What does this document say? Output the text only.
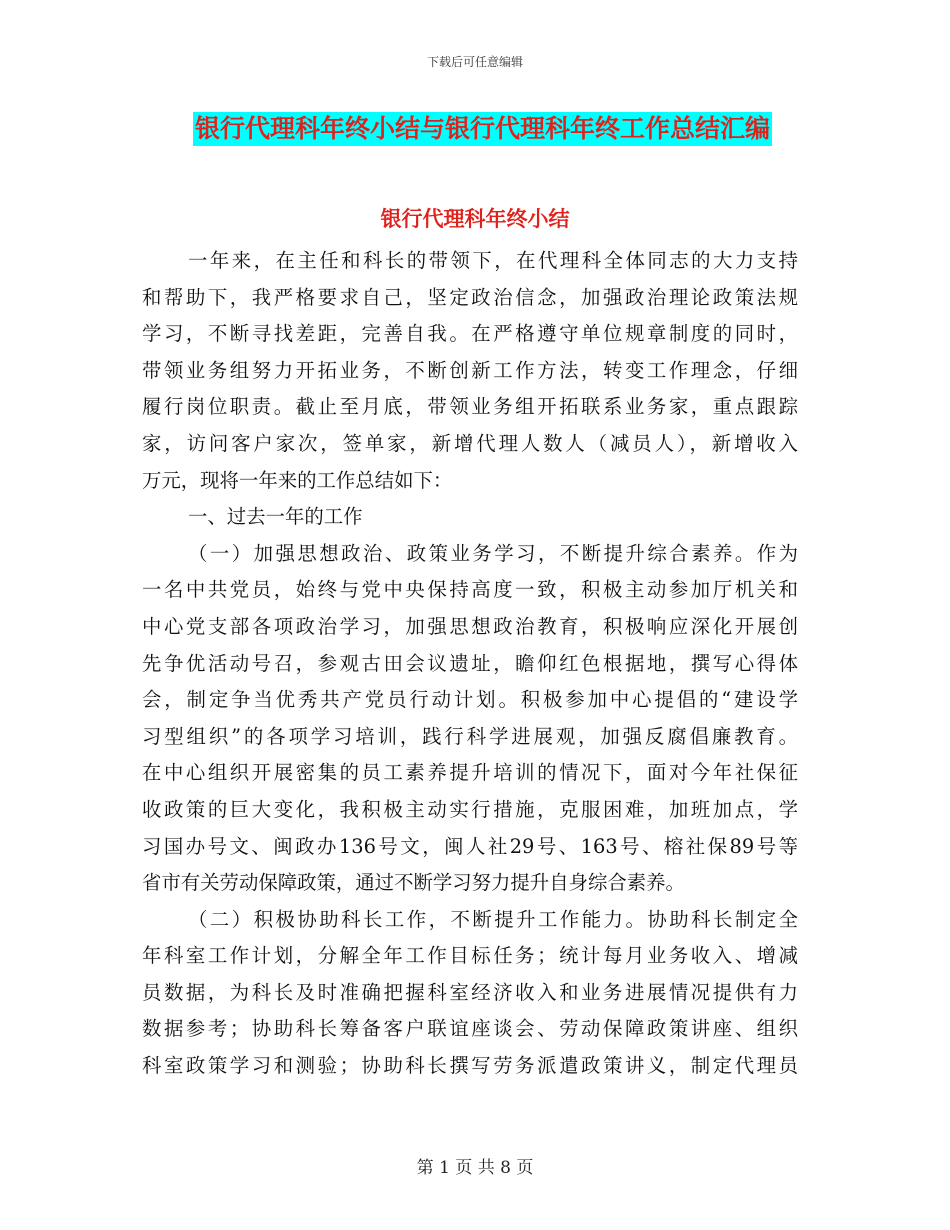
下载后可任意编辑
银行代理科年终小结与银行代理科年终工作总结汇编
银行代理科年终小结
一年来，在主任和科长的带领下，在代理科全体同志的大力支持
和帮助下，我严格要求自己，坚定政治信念，加强政治理论政策法规
学习，不断寻找差距，完善自我。在严格遵守单位规章制度的同时，
带领业务组努力开拓业务，不断创新工作方法，转变工作理念，仔细
履行岗位职责。截止至月底，带领业务组开拓联系业务家，重点跟踪
家，访问客户家次，签单家，新增代理人数人（减员人），新增收入
万元，现将一年来的工作总结如下：
一、过去一年的工作
（一）加强思想政治、政策业务学习，不断提升综合素养。作为
一名中共党员，始终与党中央保持高度一致，积极主动参加厅机关和
中心党支部各项政治学习，加强思想政治教育，积极响应深化开展创
先争优活动号召，参观古田会议遗址，瞻仰红色根据地，撰写心得体
会，制定争当优秀共产党员行动计划。积极参加中心提倡的“建设学
习型组织”的各项学习培训，践行科学进展观，加强反腐倡廉教育。
在中心组织开展密集的员工素养提升培训的情况下，面对今年社保征
收政策的巨大变化，我积极主动实行措施，克服困难，加班加点，学
习国办号文、闽政办136号文，闽人社29号、163号、榕社保89号等
省市有关劳动保障政策，通过不断学习努力提升自身综合素养。
（二）积极协助科长工作，不断提升工作能力。协助科长制定全
年科室工作计划，分解全年工作目标任务；统计每月业务收入、增减
员数据，为科长及时准确把握科室经济收入和业务进展情况提供有力
数据参考；协助科长筹备客户联谊座谈会、劳动保障政策讲座、组织
科室政策学习和测验；协助科长撰写劳务派遣政策讲义，制定代理员
第 1 页 共 8 页
